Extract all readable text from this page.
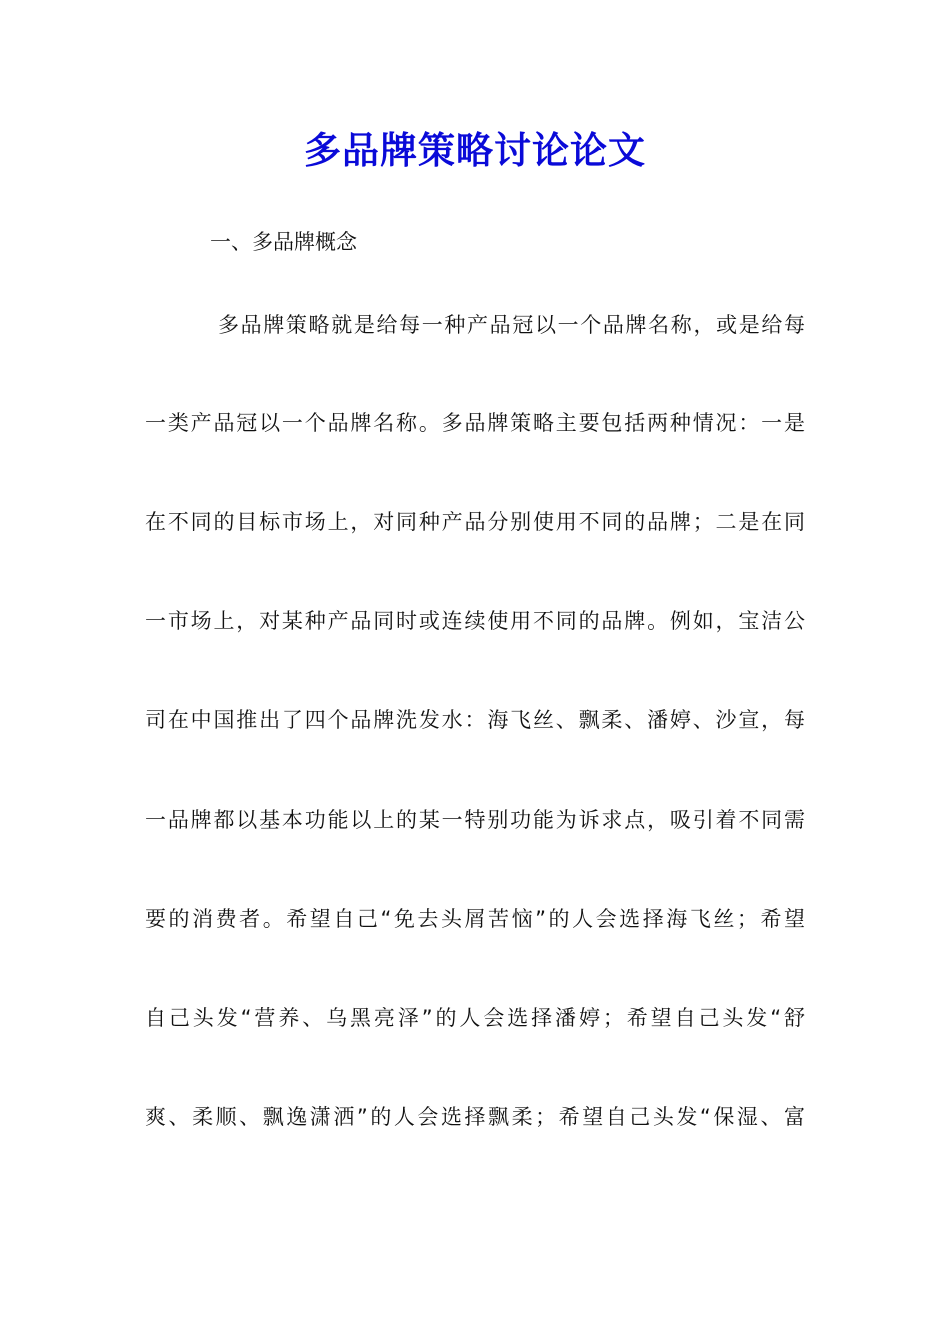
多品牌策略讨论论文

一、多品牌概念

多品牌策略就是给每一种产品冠以一个品牌名称，或是给每

一类产品冠以一个品牌名称。多品牌策略主要包括两种情况：一是

在不同的目标市场上，对同种产品分别使用不同的品牌；二是在同

一市场上，对某种产品同时或连续使用不同的品牌。例如，宝洁公

司在中国推出了四个品牌洗发水：海飞丝、飘柔、潘婷、沙宣，每

一品牌都以基本功能以上的某一特别功能为诉求点，吸引着不同需

要的消费者。希望自己“免去头屑苦恼”的人会选择海飞丝；希望

自己头发“营养、乌黑亮泽”的人会选择潘婷；希望自己头发“舒

爽、柔顺、飘逸潇洒”的人会选择飘柔；希望自己头发“保湿、富
